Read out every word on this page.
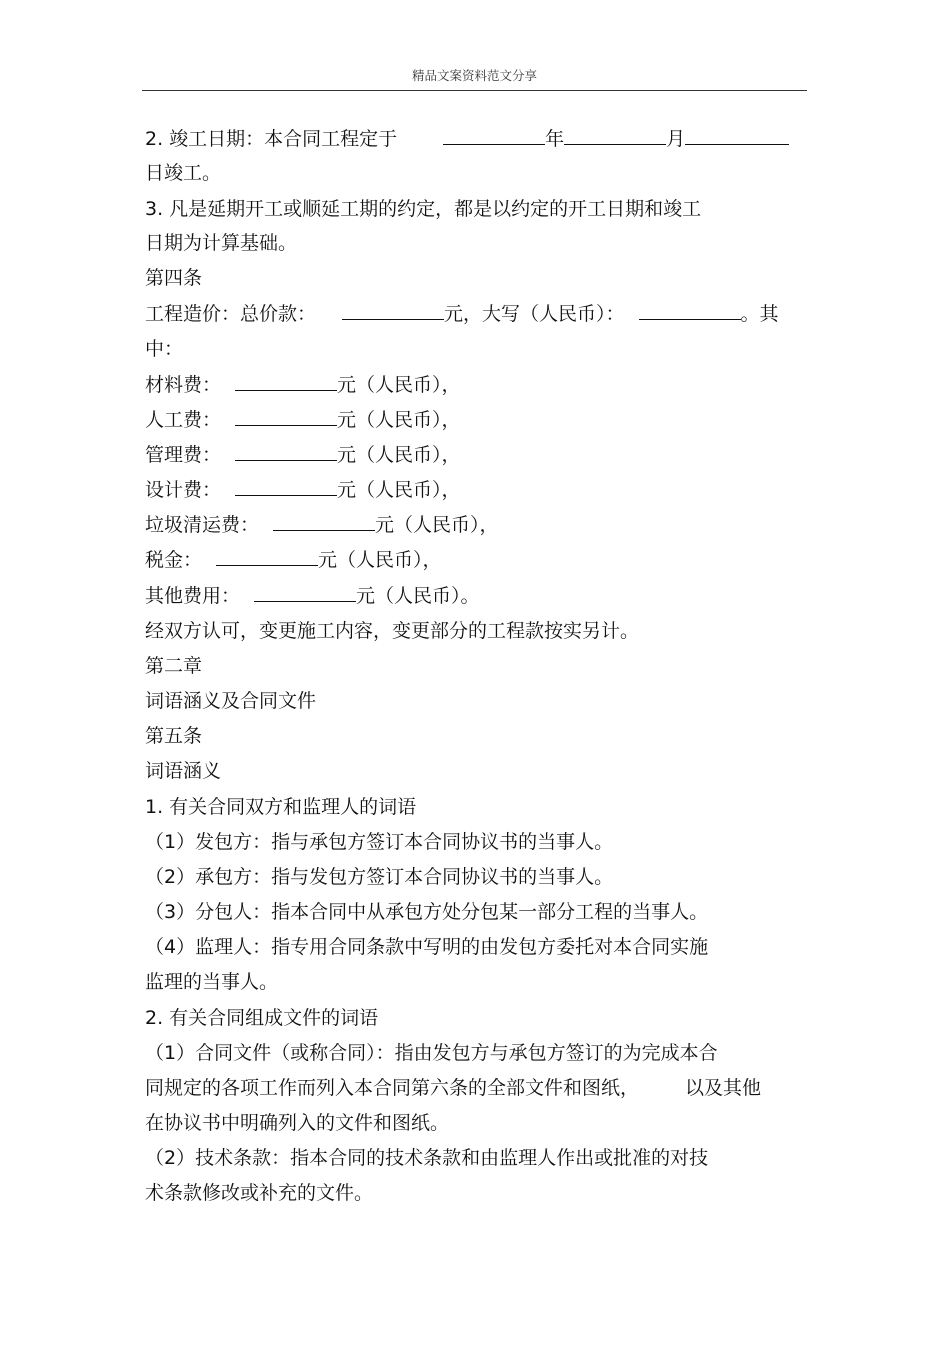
精品文案资料范文分享
2. 竣工日期：本合同工程定于	年	月
日竣工。
3. 凡是延期开工或顺延工期的约定，都是以约定的开工日期和竣工
日期为计算基础。
第四条
工程造价：总价款：	元，大写（人民币）：	。其
中：
材料费：	元（人民币），
人工费：	元（人民币），
管理费：	元（人民币），
设计费：	元（人民币），
垃圾清运费：	元（人民币），
税金：	元（人民币），
其他费用：	元（人民币）。
经双方认可，变更施工内容，变更部分的工程款按实另计。
第二章
词语涵义及合同文件
第五条
词语涵义
1. 有关合同双方和监理人的词语
（1）发包方：指与承包方签订本合同协议书的当事人。
（2）承包方：指与发包方签订本合同协议书的当事人。
（3）分包人：指本合同中从承包方处分包某一部分工程的当事人。
（4）监理人：指专用合同条款中写明的由发包方委托对本合同实施
监理的当事人。
2. 有关合同组成文件的词语
（1）合同文件（或称合同）：指由发包方与承包方签订的为完成本合
同规定的各项工作而列入本合同第六条的全部文件和图纸， 以及其他
在协议书中明确列入的文件和图纸。
（2）技术条款：指本合同的技术条款和由监理人作出或批准的对技
术条款修改或补充的文件。
